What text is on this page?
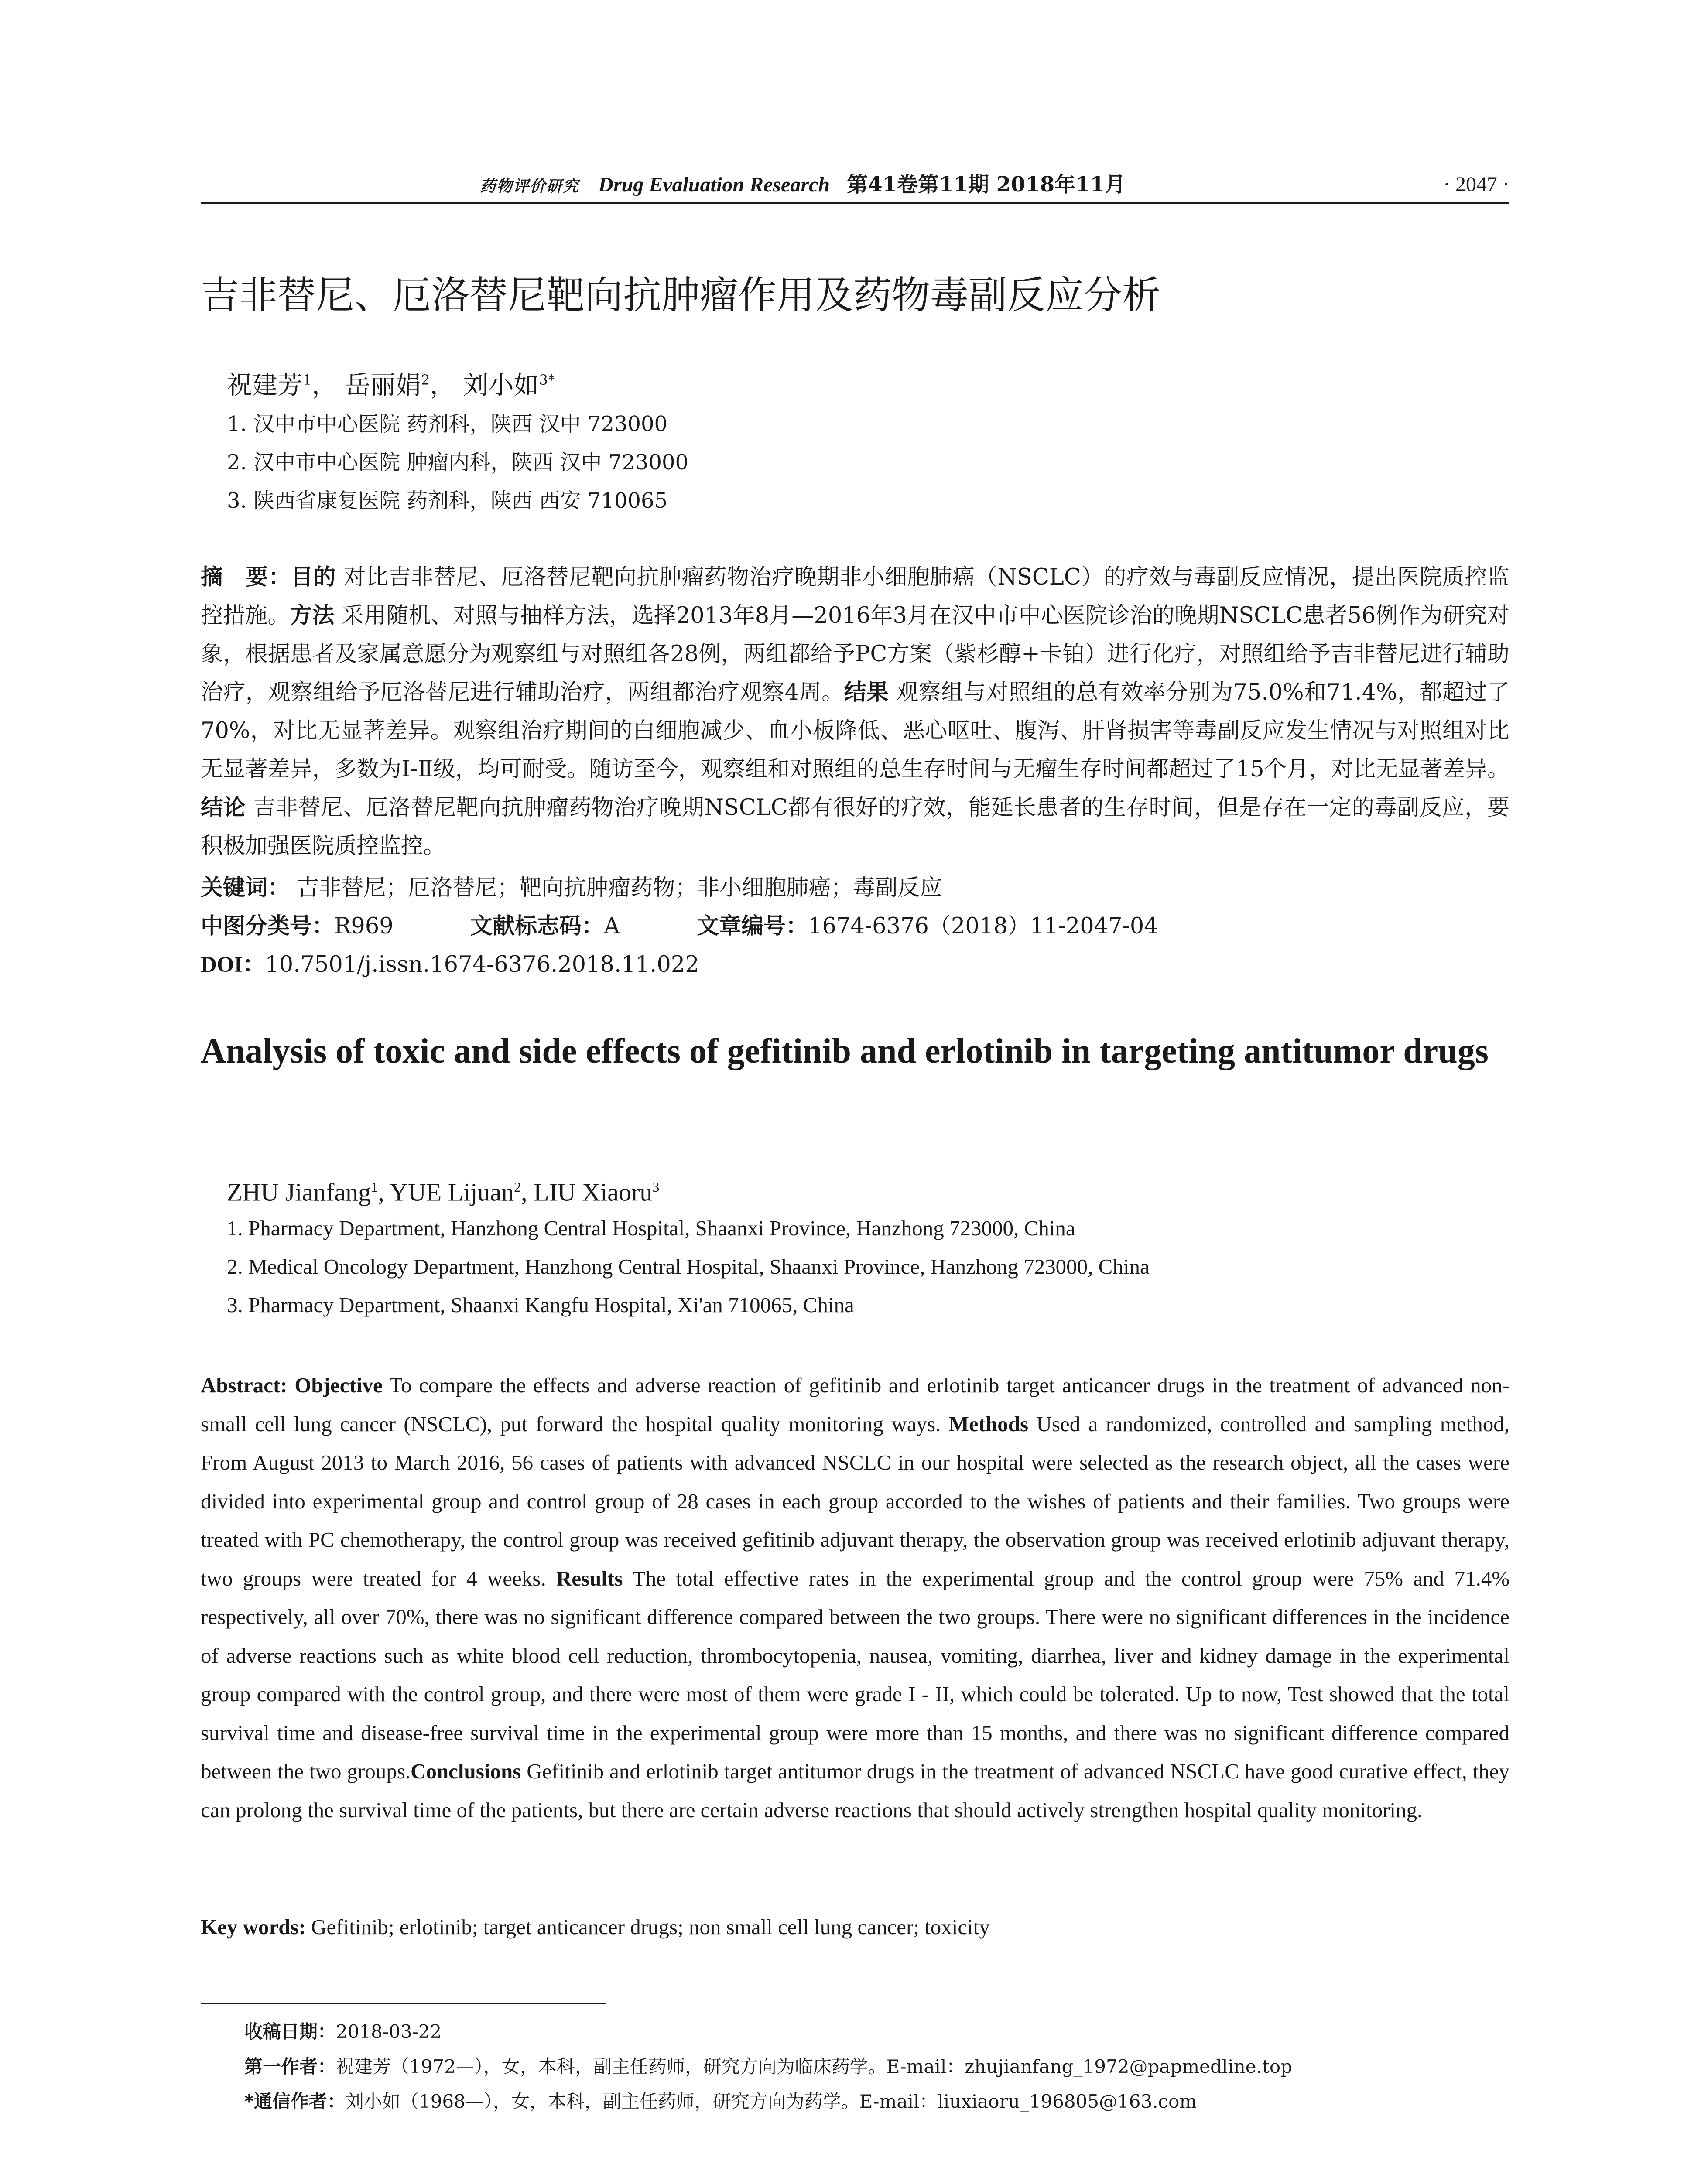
药物评价研究 Drug Evaluation Research 第41卷第11期 2018年11月	· 2047 ·
吉非替尼、厄洛替尼靶向抗肿瘤作用及药物毒副反应分析
祝建芳$^1$， 岳丽娟$^2$， 刘小如$^{3*}$
1. 汉中市中心医院 药剂科，陕西 汉中 723000
2. 汉中市中心医院 肿瘤内科，陕西 汉中 723000
3. 陕西省康复医院 药剂科，陕西 西安 710065
摘　要：目的 对比吉非替尼、厄洛替尼靶向抗肿瘤药物治疗晚期非小细胞肺癌（NSCLC）的疗效与毒副反应情况，提出医院质控监控措施。方法 采用随机、对照与抽样方法，选择2013年8月—2016年3月在汉中市中心医院诊治的晚期NSCLC患者56例作为研究对象，根据患者及家属意愿分为观察组与对照组各28例，两组都给予PC方案（紫杉醇+卡铂）进行化疗，对照组给予吉非替尼进行辅助治疗，观察组给予厄洛替尼进行辅助治疗，两组都治疗观察4周。结果 观察组与对照组的总有效率分别为75.0%和71.4%，都超过了70%，对比无显著差异。观察组治疗期间的白细胞减少、血小板降低、恶心呕吐、腹泻、肝肾损害等毒副反应发生情况与对照组对比无显著差异，多数为Ⅰ-Ⅱ级，均可耐受。随访至今，观察组和对照组的总生存时间与无瘤生存时间都超过了15个月，对比无显著差异。结论 吉非替尼、厄洛替尼靶向抗肿瘤药物治疗晚期NSCLC都有很好的疗效，能延长患者的生存时间，但是存在一定的毒副反应，要积极加强医院质控监控。
关键词： 吉非替尼；厄洛替尼；靶向抗肿瘤药物；非小细胞肺癌；毒副反应
中图分类号：R969	文献标志码：A	文章编号：1674-6376（2018）11-2047-04
DOI：10.7501/j.issn.1674-6376.2018.11.022
Analysis of toxic and side effects of gefitinib and erlotinib in targeting antitumor drugs
ZHU Jianfang$^1$, YUE Lijuan$^2$, LIU Xiaoru$^3$
1. Pharmacy Department, Hanzhong Central Hospital, Shaanxi Province, Hanzhong 723000, China
2. Medical Oncology Department, Hanzhong Central Hospital, Shaanxi Province, Hanzhong 723000, China
3. Pharmacy Department, Shaanxi Kangfu Hospital, Xi'an 710065, China
Abstract: Objective To compare the effects and adverse reaction of gefitinib and erlotinib target anticancer drugs in the treatment of advanced non-small cell lung cancer (NSCLC), put forward the hospital quality monitoring ways. Methods Used a randomized, controlled and sampling method, From August 2013 to March 2016, 56 cases of patients with advanced NSCLC in our hospital were selected as the research object, all the cases were divided into experimental group and control group of 28 cases in each group accorded to the wishes of patients and their families. Two groups were treated with PC chemotherapy, the control group was received gefitinib adjuvant therapy, the observation group was received erlotinib adjuvant therapy, two groups were treated for 4 weeks. Results The total effective rates in the experimental group and the control group were 75% and 71.4% respectively, all over 70%, there was no significant difference compared between the two groups. There were no significant differences in the incidence of adverse reactions such as white blood cell reduction, thrombocytopenia, nausea, vomiting, diarrhea, liver and kidney damage in the experimental group compared with the control group, and there were most of them were grade I - II, which could be tolerated. Up to now, Test showed that the total survival time and disease-free survival time in the experimental group were more than 15 months, and there was no significant difference compared between the two groups.Conclusions Gefitinib and erlotinib target antitumor drugs in the treatment of advanced NSCLC have good curative effect, they can prolong the survival time of the patients, but there are certain adverse reactions that should actively strengthen hospital quality monitoring.
Key words: Gefitinib; erlotinib; target anticancer drugs; non small cell lung cancer; toxicity
收稿日期：2018-03-22
第一作者：祝建芳（1972—），女，本科，副主任药师，研究方向为临床药学。E-mail：zhujianfang_1972@papmedline.top
*通信作者：刘小如（1968—），女，本科，副主任药师，研究方向为药学。E-mail：liuxiaoru_196805@163.com
